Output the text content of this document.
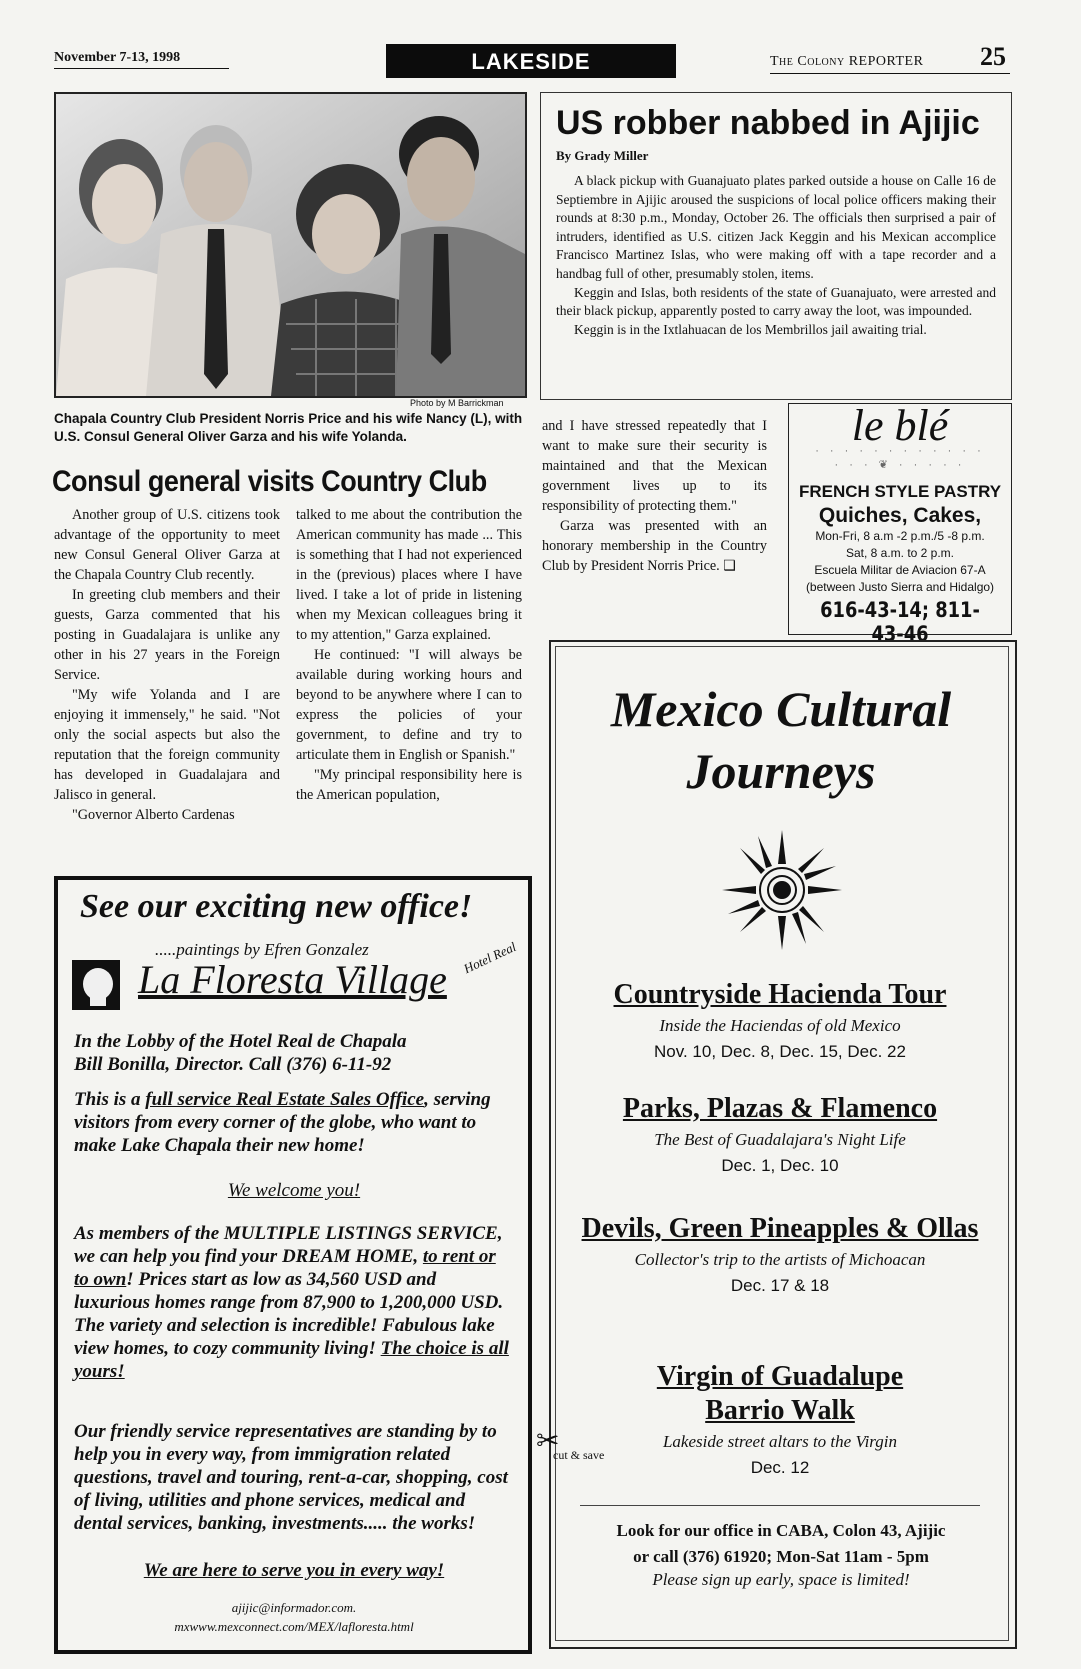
November 7-13, 1998	LAKESIDE	The Colony REPORTER 25
Photo by M Barrickman
Chapala Country Club President Norris Price and his wife Nancy (L), with U.S. Consul General Oliver Garza and his wife Yolanda.
Consul general visits Country Club

Another group of U.S. citizens took advantage of the opportunity to meet new Consul General Oliver Garza at the Chapala Country Club recently.

In greeting club members and their guests, Garza commented that his posting in Guadalajara is unlike any other in his 27 years in the Foreign Service.

"My wife Yolanda and I are enjoying it immensely," he said. "Not only the social aspects but also the reputation that the foreign community has developed in Guadalajara and Jalisco in general.

"Governor Alberto Cardenas

talked to me about the contribution the American community has made ... This is something that I had not experienced in the (previous) places where I have lived. I take a lot of pride in listening when my Mexican colleagues bring it to my attention," Garza explained.

He continued: "I will always be available during working hours and beyond to be anywhere where I can to express the policies of your government, to define and try to articulate them in English or Spanish."

"My principal responsibility here is the American population,

and I have stressed repeatedly that I want to make sure their security is maintained and that the Mexican government lives up to its responsibility of protecting them."

Garza was presented with an honorary membership in the Country Club by President Norris Price. ❑

US robber nabbed in Ajijic
By Grady Miller

A black pickup with Guanajuato plates parked outside a house on Calle 16 de Septiembre in Ajijic aroused the suspicions of local police officers making their rounds at 8:30 p.m., Monday, October 26. The officials then surprised a pair of intruders, identified as U.S. citizen Jack Keggin and his Mexican accomplice Francisco Martinez Islas, who were making off with a tape recorder and a handbag full of other, presumably stolen, items.

Keggin and Islas, both residents of the state of Guanajuato, were arrested and their black pickup, apparently posted to carry away the loot, was impounded.

Keggin is in the Ixtlahuacan de los Membrillos jail awaiting trial.

le blé
· · · · · · · · · · · ·
· · · ❦ · · · · ·
FRENCH STYLE PASTRY
Quiches, Cakes,
Mon-Fri, 8 a.m -2 p.m./5 -8 p.m.
Sat, 8 a.m. to 2 p.m.
Escuela Militar de Aviacion 67-A
(between Justo Sierra and Hidalgo)
616-43-14; 811-43-46
Mexico Cultural
Journeys
Countryside Hacienda Tour
Inside the Haciendas of old Mexico
Nov. 10, Dec. 8, Dec. 15, Dec. 22
Parks, Plazas & Flamenco
The Best of Guadalajara's Night Life
Dec. 1, Dec. 10
Devils, Green Pineapples & Ollas
Collector's trip to the artists of Michoacan
Dec. 17 & 18
Virgin of Guadalupe
Barrio Walk
Lakeside street altars to the Virgin
Dec. 12
✂
cut & save
Look for our office in CABA, Colon 43, Ajijic
or call (376) 61920; Mon-Sat 11am - 5pm
Please sign up early, space is limited!
See our exciting new office!
.....paintings by Efren Gonzalez
La Floresta Village Hotel Real
In the Lobby of the Hotel Real de Chapala
Bill Bonilla, Director. Call (376) 6-11-92
This is a full service Real Estate Sales Office, serving visitors from every corner of the globe, who want to make Lake Chapala their new home!
We welcome you!
As members of the MULTIPLE LISTINGS SERVICE, we can help you find your DREAM HOME, to rent or to own! Prices start as low as 34,560 USD and luxurious homes range from 87,900 to 1,200,000 USD. The variety and selection is incredible! Fabulous lake view homes, to cozy community living! The choice is all yours!
Our friendly service representatives are standing by to help you in every way, from immigration related questions, travel and touring, rent-a-car, shopping, cost of living, utilities and phone services, medical and dental services, banking, investments..... the works!
We are here to serve you in every way!
ajijic@informador.com.
mxwww.mexconnect.com/MEX/lafloresta.html
